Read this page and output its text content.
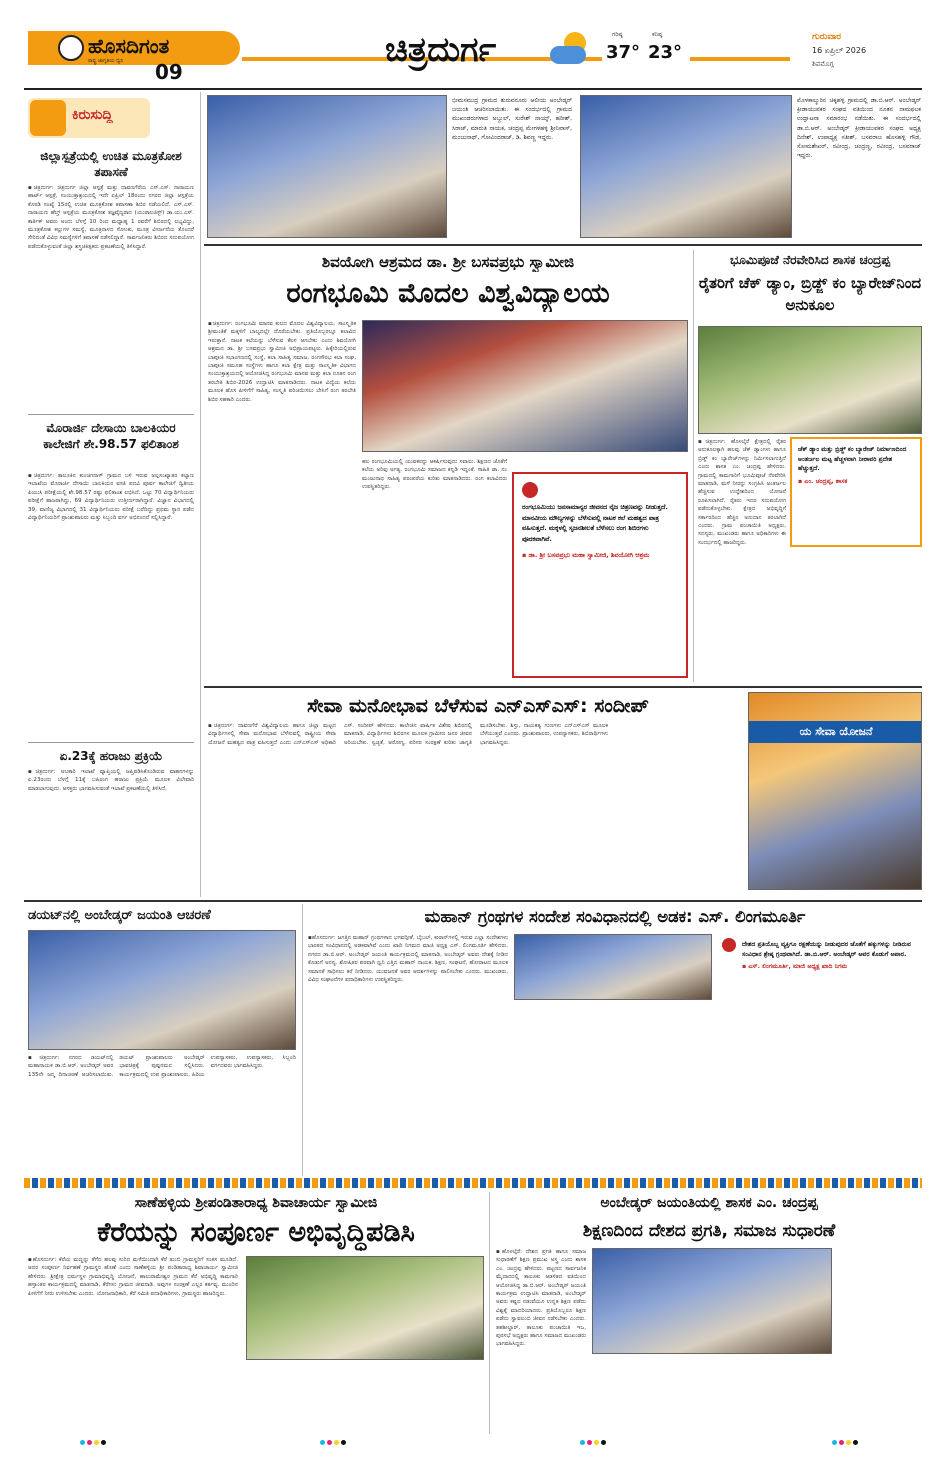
ಹೊಸದಿಗಂತ
ರಾಷ್ಟ್ರ ಜಾಗೃತಿಯ ಧ್ವನಿ 09
ಚಿತ್ರದುರ್ಗ	ಗರಿಷ್ಠ
37°
ಕನಿಷ್ಠ
23°
ಗುರುವಾರ
16 ಏಪ್ರಿಲ್ 2026
ಶಿವಮೊಗ್ಗ
ಕಿರುಸುದ್ದಿ
ಜಿಲ್ಲಾಸ್ಪತ್ರೆಯಲ್ಲಿ ಉಚಿತ ಮೂತ್ರಕೋಶ ತಪಾಸಣೆ
▪ಚಿತ್ರದುರ್ಗ: ಚಿತ್ರದುರ್ಗ ಜಿಲ್ಲಾ ಆಸ್ಪತ್ರೆ ಮತ್ತು ದಾವಣಗೆರೆಯ ಎಸ್.ಎಸ್. ನಾರಾಯಣ ಹಾರ್ಟ್ ಆಸ್ಪತ್ರೆ, ಸಂಯುಕ್ತಾಶ್ರಯದಲ್ಲಿ ಇದೇ ಏಪ್ರಿಲ್ 18ರಂದು ನಗರದ ಜಿಲ್ಲಾ ಆಸ್ಪತ್ರೆಯ ಕೊಠಡಿ ಸಂಖ್ಯೆ 15ರಲ್ಲಿ ಉಚಿತ ಮೂತ್ರಕೋಶ ತಪಾಸಣಾ ಶಿಬಿರ ನಡೆಯಲಿದೆ. ಎಸ್.ಎಸ್. ನಾರಾಯಣ ಹೆಲ್ತ್ ಆಸ್ಪತ್ರೆಯ ಮೂತ್ರಕೋಶ ತಜ್ಞವೈದ್ಯರಾದ (ಯುರಾಲಜಿಸ್ಟ್) ಡಾ.ಯು.ಎಸ್. ಕಾರ್ತಿಕ್ ಅವರು ಅಂದು ಬೆಳಗ್ಗೆ 10 ರಿಂದ ಮಧ್ಯಾಹ್ನ 1 ರವರೆಗೆ ಶಿಬಿರದಲ್ಲಿ ಲಭ್ಯವಿದ್ದು, ಮೂತ್ರಕೋಶ ಕಲ್ಲುಗಳ ಸಮಸ್ಯೆ, ಮೂತ್ರನಾಳದ ಸೋಂಕು, ಮೂತ್ರ ವಿಸರ್ಜನೆಯ ತೊಂದರೆ ಸೇರಿದಂತೆ ವಿವಿಧ ಸಮಸ್ಯೆಗಳಿಗೆ ತಪಾಸಣೆ ನಡೆಸಲಿದ್ದಾರೆ. ಸಾರ್ವಜನಿಕರು ಶಿಬಿರದ ಸದುಪಯೋಗ ಪಡೆದುಕೊಳ್ಳುವಂತೆ ಜಿಲ್ಲಾ ಶಸ್ತ್ರಚಿಕಿತ್ಸಕರು ಪ್ರಕಟಣೆಯಲ್ಲಿ ತಿಳಿಸಿದ್ದಾರೆ.
ಮೊರಾರ್ಜಿ ದೇಸಾಯಿ ಬಾಲಕಿಯರ ಕಾಲೇಜಿಗೆ ಶೇ.98.57 ಫಲಿತಾಂಶ
▪ಚಿತ್ರದುರ್ಗ: ತಾಲೂಕಿನ ಕುಂಚಿಗನಾಳ್ ಗ್ರಾಮದ ಬಳಿ ಇರುವ ಅಲ್ಪಸಂಖ್ಯಾತರ ಕಲ್ಯಾಣ ಇಲಾಖೆಯ ಮೊರಾರ್ಜಿ ದೇಸಾಯಿ ಬಾಲಕಿಯರ ವಸತಿ ಪದವಿ ಪೂರ್ವ ಕಾಲೇಜಿಗೆ ದ್ವಿತೀಯ ಪಿಯುಸಿ ಪರೀಕ್ಷೆಯಲ್ಲಿ ಶೇ.98.57 ರಷ್ಟು ಫಲಿತಾಂಶ ಲಭಿಸಿದೆ. ಒಟ್ಟು 70 ವಿದ್ಯಾರ್ಥಿನಿಯರು ಪರೀಕ್ಷೆಗೆ ಹಾಜರಾಗಿದ್ದು, 69 ವಿದ್ಯಾರ್ಥಿನಿಯರು ಉತ್ತೀರ್ಣರಾಗಿದ್ದಾರೆ. ವಿಜ್ಞಾನ ವಿಭಾಗದಲ್ಲಿ 39, ವಾಣಿಜ್ಯ ವಿಭಾಗದಲ್ಲಿ 31 ವಿದ್ಯಾರ್ಥಿನಿಯರು ಪರೀಕ್ಷೆ ಬರೆದಿದ್ದು ಪ್ರಥಮ ಸ್ಥಾನ ಪಡೆದ ವಿದ್ಯಾರ್ಥಿನಿಯರಿಗೆ ಪ್ರಾಂಶುಪಾಲರು ಮತ್ತು ಸಿಬ್ಬಂದಿ ವರ್ಗ ಅಭಿನಂದನೆ ಸಲ್ಲಿಸಿದ್ದಾರೆ.
ಏ.23ಕ್ಕೆ ಹರಾಜು ಪ್ರಕ್ರಿಯೆ
▪ಚಿತ್ರದುರ್ಗ: ಅಬಕಾರಿ ಇಲಾಖೆ ವ್ಯಾಪ್ತಿಯಲ್ಲಿ ಜಪ್ತಿಪಡಿಸಿಕೊಂಡಿರುವ ವಾಹನಗಳನ್ನು ಏ.23ರಂದು ಬೆಳಗ್ಗೆ 11ಕ್ಕೆ ಬಹಿರಂಗ ಹರಾಜು ಪ್ರಕ್ರಿಯೆ ಮೂಲಕ ವಿಲೇವಾರಿ ಮಾಡಲಾಗುವುದು. ಆಸಕ್ತರು ಭಾಗವಹಿಸುವಂತೆ ಇಲಾಖೆ ಪ್ರಕಟಣೆಯಲ್ಲಿ ತಿಳಿಸಿದೆ.
ಭೀಮಸಮುದ್ರ ಗ್ರಾಮದ ತುರುವನೂರು ಆಲೀಯ ಅಂಬೇಡ್ಕರ್ ಜಯಂತಿ ಆಚರಿಸಲಾಯಿತು. ಈ ಸಂದರ್ಭದಲ್ಲಿ ಗ್ರಾಮದ ಮುಖಂಡರುಗಳಾದ ಅಬ್ದುಲ್, ಸುರೇಶ್ ನಾಯ್ಕ್, ಹರೀಶ್, ಸಿರಾಜ್, ಮಾರುತಿ ನಾಯಕ, ಚಂದ್ರಪ್ಪ ಮೇಗಳಹಳ್ಳಿ ಶ್ರೀನಿವಾಸ್, ಮಂಜುನಾಥ್, ಗೋವಿಂದರಾಜ್, ಡಿ. ಶಿವಣ್ಣ ಇದ್ದರು.
ಮೊಳಕಾಲ್ಮುರಿನ ಚಿಕ್ಕಹಳ್ಳಿ ಗ್ರಾಮದಲ್ಲಿ ಡಾ.ಬಿ.ಆರ್. ಅಂಬೇಡ್ಕರ್ ಕ್ರೀಡಾಯುವಕರ ಸಂಘದ ವತಿಯಿಂದ ನೂತನ ನಾಮಫಲಕ ಉದ್ಘಾಟನಾ ಸಮಾರಂಭ ನಡೆಯಿತು. ಈ ಸಂದರ್ಭದಲ್ಲಿ ಡಾ.ಬಿ.ಆರ್. ಅಂಬೇಡ್ಕರ್ ಕ್ರೀಡಾಯುವಕರ ಸಂಘದ ಅಧ್ಯಕ್ಷ ದಿನೇಶ್, ಉಪಾಧ್ಯಕ್ಷ ಸತೀಶ್, ಬಸವರಾಜ ಹೊಸಹಳ್ಳಿ ಗೌಡ, ಸೋಮಶೇಖರ್, ರವೀಂದ್ರ, ಚಂದ್ರಣ್ಣ, ರವೀಂದ್ರ, ಬಸವರಾಜ್ ಇದ್ದರು.
ಶಿವಯೋಗಿ ಆಶ್ರಮದ ಡಾ. ಶ್ರೀ ಬಸವಪ್ರಭು ಸ್ವಾಮೀಜಿ
ರಂಗಭೂಮಿ ಮೊದಲ ವಿಶ್ವವಿದ್ಯಾಲಯ
▪ಚಿತ್ರದುರ್ಗ: ರಂಗಭೂಮಿ ಮಾನವ ಕುಲದ ಮೊದಲ ವಿಶ್ವವಿದ್ಯಾಲಯ. ಸಾಂಸ್ಕೃತಿಕ ಶ್ರೀಮಂತಿಕೆ ಮಕ್ಕಳಿಗೆ ಬಾಲ್ಯದಲ್ಲೇ ದೊರೆಯಬೇಕು. ಪ್ರತಿಯೊಬ್ಬರಲ್ಲೂ ಕಲಾವಿದ ಇರುತ್ತಾನೆ. ನಾಟಕ ಕಲೆಯನ್ನು ಬೆಳೆಸುವ ಕೆಲಸ ಆಗಬೇಕು ಎಂದು ಶಿವಯೋಗಿ ಆಶ್ರಮದ ಡಾ. ಶ್ರೀ ಬಸವಪ್ರಭು ಸ್ವಾಮೀಜಿ ಅಭಿಪ್ರಾಯಪಟ್ಟರು. ಹಿಕ್ಕೇರಿಯಲ್ಲಿರುವ ಬಾಪೂಜಿ ಸಭಾಂಗಣದಲ್ಲಿ ಸಂಸ್ಥೆ, ಕಲಾ ಸಾಹಿತ್ಯ ಸಮಾಜ, ರಂಗಸೌರಭ ಕಲಾ ಸಂಘ, ಬಾಪೂಜಿ ಸಮೂಹ ಸಂಸ್ಥೆಗಳು ಹಾಗೂ ಕಲಾ ಕ್ಷೇತ್ರ ಮತ್ತು ಸಾಂಸ್ಕೃತಿಕ ವಿಭಾಗದ ಸಂಯುಕ್ತಾಶ್ರಯದಲ್ಲಿ ಆಯೋಜಿಸಿದ್ದ ರಂಗಭೂಮಿ ಮಾನವ ಮತ್ತು ಕಲಾ ನೂತನ ರಂಗ ತರಬೇತಿ ಶಿಬಿರ-2026 ಉದ್ಘಾಟಿಸಿ ಮಾತನಾಡಿದರು. ನಾಟಕ ವಿದ್ಯೆಯ ಕಲೆಯ ಮೂಲಕ ಹೊಸ ಪೀಳಿಗೆಗೆ ಸಾಹಿತ್ಯ, ಸಂಸ್ಕೃತಿ ಪರಿಚಯಿಸಲು ಬೇಸಿಗೆ ರಂಗ ತರಬೇತಿ ಶಿಬಿರ ಸಹಕಾರಿ ಎಂದರು.
ಹಲ ರಂಗಭೂಮಿಯಲ್ಲಿ ಯುವಕರನ್ನು ಆಕರ್ಷಿಸುವುದು ಸವಾಲು. ಶಿಕ್ಷಣದ ಜೊತೆಗೆ ಕಲೆಯ ಅರಿವು ಅಗತ್ಯ. ರಂಗಭೂಮಿ ಸಮಾಜದ ಕನ್ನಡಿ ಇದ್ದಂತೆ. ಸಾಹಿತಿ ಡಾ. ನಂ ಮಂಜುನಾಥ ಸಾಹಿತ್ಯ ಪರಂಪರೆಯ ಕುರಿತು ಮಾತನಾಡಿದರು. ರಂಗ ಕಲಾವಿದರು ಉಪಸ್ಥಿತರಿದ್ದರು.
ರಂಗಭೂಮಿಯು ಜನಸಾಮಾನ್ಯರ ಜೀವನದ ನೈಜ ಚಿತ್ರಣವನ್ನು ನೀಡುತ್ತದೆ. ಮಾನವೀಯ ಮೌಲ್ಯಗಳನ್ನು ಬೆಳೆಸುವಲ್ಲಿ ನಾಟಕ ಕಲೆ ಮಹತ್ವದ ಪಾತ್ರ ವಹಿಸುತ್ತದೆ. ಮಕ್ಕಳಲ್ಲಿ ಸೃಜನಶೀಲತೆ ಬೆಳೆಸಲು ರಂಗ ಶಿಬಿರಗಳು ಪೂರಕವಾಗಿವೆ.
▪ ಡಾ. ಶ್ರೀ ಬಸವಪ್ರಭು ಮಹಾ ಸ್ವಾಮೀಜಿ, ಶಿವಯೋಗಿ ಆಶ್ರಮ
ಭೂಮಿಪೂಜೆ ನೆರವೇರಿಸಿದ ಶಾಸಕ ಚಂದ್ರಪ್ಪ
ರೈತರಿಗೆ ಚೆಕ್ ಡ್ಯಾಂ, ಬ್ರಿಡ್ಜ್ ಕಂ ಬ್ಯಾರೇಜ್‌ನಿಂದ ಅನುಕೂಲ
ಚೆಕ್ ಡ್ಯಾಂ ಮತ್ತು ಬ್ರಿಡ್ಜ್ ಕಂ ಬ್ಯಾರೇಜ್ ನಿರ್ಮಾಣದಿಂದ ಅಂತರ್ಜಲ ಮಟ್ಟ ಹೆಚ್ಚಳವಾಗಿ ನೀರಾವರಿ ಪ್ರದೇಶ ಹೆಚ್ಚುತ್ತದೆ.
▪ ಎಂ. ಚಂದ್ರಪ್ಪ, ಶಾಸಕ
▪ಚಿತ್ರದುರ್ಗ: ಹೊಳಲ್ಕೆರೆ ಕ್ಷೇತ್ರದಲ್ಲಿ ರೈತರ ಅನುಕೂಲಕ್ಕಾಗಿ ಹಲವು ಚೆಕ್ ಡ್ಯಾಂಗಳು ಹಾಗೂ ಬ್ರಿಡ್ಜ್ ಕಂ ಬ್ಯಾರೇಜ್‌ಗಳನ್ನು ನಿರ್ಮಿಸಲಾಗುತ್ತಿದೆ ಎಂದು ಶಾಸಕ ಎಂ. ಚಂದ್ರಪ್ಪ ಹೇಳಿದರು. ಗ್ರಾಮದಲ್ಲಿ ಕಾಮಗಾರಿಗೆ ಭೂಮಿಪೂಜೆ ನೆರವೇರಿಸಿ ಮಾತನಾಡಿ, ಮಳೆ ನೀರನ್ನು ಸಂಗ್ರಹಿಸಿ ಅಂತರ್ಜಲ ಹೆಚ್ಚಿಸುವ ಉದ್ದೇಶದಿಂದ ಯೋಜನೆ ರೂಪಿಸಲಾಗಿದೆ. ರೈತರು ಇದರ ಸದುಪಯೋಗ ಪಡೆದುಕೊಳ್ಳಬೇಕು. ಕ್ಷೇತ್ರದ ಅಭಿವೃದ್ಧಿಗೆ ಸರ್ಕಾರದಿಂದ ಹೆಚ್ಚಿನ ಅನುದಾನ ತರಲಾಗಿದೆ ಎಂದರು. ಗ್ರಾಮ ಪಂಚಾಯಿತಿ ಅಧ್ಯಕ್ಷರು, ಸದಸ್ಯರು, ಮುಖಂಡರು ಹಾಗೂ ಅಧಿಕಾರಿಗಳು ಈ ಸಂದರ್ಭದಲ್ಲಿ ಹಾಜರಿದ್ದರು.
ಸೇವಾ ಮನೋಭಾವ ಬೆಳೆಸುವ ಎನ್‌ಎಸ್‌ಎಸ್: ಸಂದೀಪ್
▪ಚಿತ್ರದುರ್ಗ: ದಾವಣಗೆರೆ ವಿಶ್ವವಿದ್ಯಾಲಯ ಹಾಗೂ ಜಿಲ್ಲಾ ಮಟ್ಟದ ವಿದ್ಯಾರ್ಥಿಗಳಲ್ಲಿ ಸೇವಾ ಮನೋಭಾವ ಬೆಳೆಸುವಲ್ಲಿ ರಾಷ್ಟ್ರೀಯ ಸೇವಾ ಯೋಜನೆ ಮಹತ್ವದ ಪಾತ್ರ ವಹಿಸುತ್ತದೆ ಎಂದು ಎನ್‌ಎಸ್‌ಎಸ್ ಅಧಿಕಾರಿ ಎಸ್. ಸಂದೀಪ್ ಹೇಳಿದರು. ಕಾಲೇಜಿನ ವಾರ್ಷಿಕ ವಿಶೇಷ ಶಿಬಿರದಲ್ಲಿ ಮಾತನಾಡಿ, ವಿದ್ಯಾರ್ಥಿಗಳು ಶಿಬಿರಗಳ ಮೂಲಕ ಗ್ರಾಮೀಣ ಜನರ ಜೀವನ ಅರಿಯಬೇಕು. ಸ್ವಚ್ಛತೆ, ಆರೋಗ್ಯ, ಪರಿಸರ ಸಂರಕ್ಷಣೆ ಕುರಿತು ಜಾಗೃತಿ ಮೂಡಿಸಬೇಕು. ಶಿಸ್ತು, ನಾಯಕತ್ವ ಗುಣಗಳು ಎನ್‌ಎಸ್‌ಎಸ್ ಮೂಲಕ ಬೆಳೆಯುತ್ತವೆ ಎಂದರು. ಪ್ರಾಂಶುಪಾಲರು, ಉಪನ್ಯಾಸಕರು, ಶಿಬಿರಾರ್ಥಿಗಳು ಭಾಗವಹಿಸಿದ್ದರು.
ಯ ಸೇವಾ ಯೋಜನೆ
ಡಯಟ್‌ನಲ್ಲಿ ಅಂಬೇಡ್ಕರ್ ಜಯಂತಿ ಆಚರಣೆ
▪ಚಿತ್ರದುರ್ಗ: ನಗರದ ಡಯಟ್‌ನಲ್ಲಿ ಮಹಾನಾಯಕ ಡಾ.ಬಿ.ಆರ್. ಅಂಬೇಡ್ಕರ್ ಅವರ 135ನೇ ಜನ್ಮ ದಿನಾಚರಣೆ ಆಚರಿಸಲಾಯಿತು. ಡಯಟ್ ಪ್ರಾಂಶುಪಾಲರು ಅಂಬೇಡ್ಕರ್ ಭಾವಚಿತ್ರಕ್ಕೆ ಪುಷ್ಪನಮನ ಸಲ್ಲಿಸಿದರು. ಕಾರ್ಯಕ್ರಮದಲ್ಲಿ ಉಪ ಪ್ರಾಂಶುಪಾಲರು, ಹಿರಿಯ ಉಪನ್ಯಾಸಕರು, ಉಪನ್ಯಾಸಕರು, ಸಿಬ್ಬಂದಿ ವರ್ಗದವರು ಭಾಗವಹಿಸಿದ್ದರು.
ಮಹಾನ್ ಗ್ರಂಥಗಳ ಸಂದೇಶ ಸಂವಿಧಾನದಲ್ಲಿ ಅಡಕ: ಎಸ್. ಲಿಂಗಮೂರ್ತಿ
▪ಹೊಸದುರ್ಗ: ಜಗತ್ತಿನ ಮಹಾನ್ ಗ್ರಂಥಗಳಾದ ಭಗವದ್ಗೀತೆ, ಬೈಬಲ್, ಕುರಾನ್‌ಗಳಲ್ಲಿ ಇರುವ ಎಲ್ಲಾ ಸಂದೇಶಗಳು ಭಾರತದ ಸಂವಿಧಾನದಲ್ಲಿ ಅಡಕವಾಗಿವೆ ಎಂದು ಖಾದಿ ನಿಗಮದ ಮಾಜಿ ಅಧ್ಯಕ್ಷ ಎಸ್. ಲಿಂಗಮೂರ್ತಿ ಹೇಳಿದರು. ನಗರದ ಡಾ.ಬಿ.ಆರ್. ಅಂಬೇಡ್ಕರ್ ಜಯಂತಿ ಕಾರ್ಯಕ್ರಮದಲ್ಲಿ ಮಾತನಾಡಿ, ಅಂಬೇಡ್ಕರ್ ಅವರು ದೇಶಕ್ಕೆ ನೀಡಿದ ಕೊಡುಗೆ ಅನನ್ಯ. ಶೋಷಿತರ ಪರವಾಗಿ ಧ್ವನಿ ಎತ್ತಿದ ಮಹಾನ್ ನಾಯಕ. ಶಿಕ್ಷಣ, ಸಂಘಟನೆ, ಹೋರಾಟದ ಮೂಲಕ ಸಮಾನತೆ ಸಾಧಿಸಲು ಕರೆ ನೀಡಿದರು. ಯುವಜನತೆ ಅವರ ಆದರ್ಶಗಳನ್ನು ಪಾಲಿಸಬೇಕು ಎಂದರು. ಮುಖಂಡರು, ವಿವಿಧ ಸಂಘಟನೆಗಳ ಪದಾಧಿಕಾರಿಗಳು ಉಪಸ್ಥಿತರಿದ್ದರು.
ದೇಶದ ಪ್ರತಿಯೊಬ್ಬ ವ್ಯಕ್ತಿಗೂ ರಕ್ಷಣೆಯನ್ನು ನೀಡುವುದರ ಜೊತೆಗೆ ಹಕ್ಕುಗಳನ್ನು ನೀಡಿರುವ ಸಂವಿಧಾನ ಶ್ರೇಷ್ಠ ಗ್ರಂಥವಾಗಿದೆ. ಡಾ.ಬಿ.ಆರ್. ಅಂಬೇಡ್ಕರ್ ಅವರ ಕೊಡುಗೆ ಅಪಾರ.
▪ ಎಸ್. ಲಿಂಗಮೂರ್ತಿ, ಮಾಜಿ ಅಧ್ಯಕ್ಷ ಖಾದಿ ನಿಗಮ
ಸಾಣೆಹಳ್ಳಿಯ ಶ್ರೀಪಂಡಿತಾರಾಧ್ಯ ಶಿವಾಚಾರ್ಯ ಸ್ವಾಮೀಜಿ
ಕೆರೆಯನ್ನು ಸಂಪೂರ್ಣ ಅಭಿವೃದ್ಧಿಪಡಿಸಿ
▪ಹೊಸದುರ್ಗ: ಕೆರೆಯ ಮಣ್ಣನ್ನು ತೆಗೆದ ಹಲವು ಸುರಿದ ಮಳೆಯಿಂದಾಗಿ ಕೆರೆ ತುಂಬಿ ಗ್ರಾಮಸ್ಥರಿಗೆ ಸಂತಸ ಮೂಡಿದೆ. ಅದರ ಸಂಪೂರ್ಣ ನಿರ್ವಹಣೆ ಗ್ರಾಮಸ್ಥರ ಹೊಣೆ ಎಂದು ಸಾಣೆಹಳ್ಳಿಯ ಶ್ರೀ ಪಂಡಿತಾರಾಧ್ಯ ಶಿವಾಚಾರ್ಯ ಸ್ವಾಮೀಜಿ ಹೇಳಿದರು. ಶ್ರೀಕ್ಷೇತ್ರ ಧರ್ಮಸ್ಥಳ ಗ್ರಾಮಾಭಿವೃದ್ಧಿ ಯೋಜನೆ, ಹಾಲುರಾಮೇಶ್ವರ ಗ್ರಾಮದ ಕೆರೆ ಅಭಿವೃದ್ಧಿ ಕಾಮಗಾರಿ ಹಸ್ತಾಂತರ ಕಾರ್ಯಕ್ರಮದಲ್ಲಿ ಮಾತನಾಡಿ, ಕೆರೆಗಳು ಗ್ರಾಮದ ಜೀವನಾಡಿ. ಅವುಗಳ ಸಂರಕ್ಷಣೆ ಎಲ್ಲರ ಕರ್ತವ್ಯ. ಮುಂದಿನ ಪೀಳಿಗೆಗೆ ನೀರು ಉಳಿಸಬೇಕು ಎಂದರು. ಯೋಜನಾಧಿಕಾರಿ, ಕೆರೆ ಸಮಿತಿ ಪದಾಧಿಕಾರಿಗಳು, ಗ್ರಾಮಸ್ಥರು ಹಾಜರಿದ್ದರು.
ಅಂಬೇಡ್ಕರ್ ಜಯಂತಿಯಲ್ಲಿ ಶಾಸಕ ಎಂ. ಚಂದ್ರಪ್ಪ
ಶಿಕ್ಷಣದಿಂದ ದೇಶದ ಪ್ರಗತಿ, ಸಮಾಜ ಸುಧಾರಣೆ
▪ಹೊಳಲ್ಕೆರೆ: ದೇಶದ ಪ್ರಗತಿ ಹಾಗೂ ಸಮಾಜ ಸುಧಾರಣೆಗೆ ಶಿಕ್ಷಣ ಪ್ರಮುಖ ಅಸ್ತ್ರ ಎಂದು ಶಾಸಕ ಎಂ. ಚಂದ್ರಪ್ಪ ಹೇಳಿದರು. ಪಟ್ಟಣದ ಸಾರ್ವಜನಿಕ ಮೈದಾನದಲ್ಲಿ ತಾಲೂಕು ಆಡಳಿತದ ವತಿಯಿಂದ ಆಯೋಜಿಸಿದ್ದ ಡಾ.ಬಿ.ಆರ್. ಅಂಬೇಡ್ಕರ್ ಜಯಂತಿ ಕಾರ್ಯಕ್ರಮ ಉದ್ಘಾಟಿಸಿ ಮಾತನಾಡಿ, ಅಂಬೇಡ್ಕರ್ ಅವರು ಕಷ್ಟದ ನಡುವೆಯೂ ಉನ್ನತ ಶಿಕ್ಷಣ ಪಡೆದು ವಿಶ್ವಕ್ಕೆ ಮಾದರಿಯಾದರು. ಪ್ರತಿಯೊಬ್ಬರೂ ಶಿಕ್ಷಣ ಪಡೆದು ಸ್ವಾವಲಂಬಿ ಜೀವನ ನಡೆಸಬೇಕು ಎಂದರು. ತಹಶೀಲ್ದಾರ್, ತಾಲೂಕು ಪಂಚಾಯಿತಿ ಇಒ, ಪುರಸಭೆ ಅಧ್ಯಕ್ಷರು ಹಾಗೂ ಸಮಾಜದ ಮುಖಂಡರು ಭಾಗವಹಿಸಿದ್ದರು.
